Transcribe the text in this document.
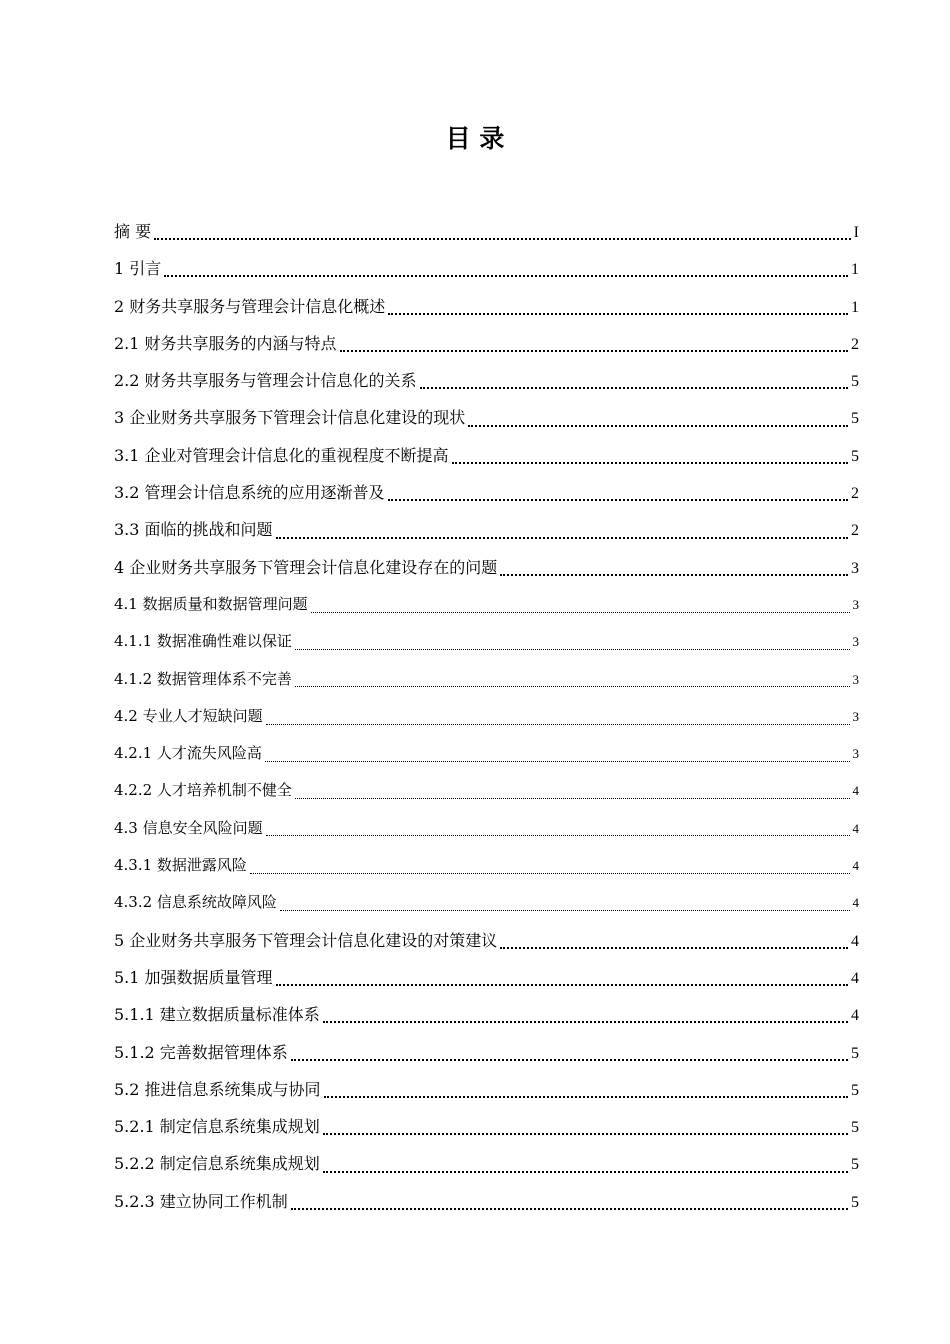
目 录
摘 要	I
1 引言	1
2 财务共享服务与管理会计信息化概述	1
2.1 财务共享服务的内涵与特点	2
2.2 财务共享服务与管理会计信息化的关系	5
3 企业财务共享服务下管理会计信息化建设的现状	5
3.1 企业对管理会计信息化的重视程度不断提高	5
3.2 管理会计信息系统的应用逐渐普及	2
3.3 面临的挑战和问题	2
4 企业财务共享服务下管理会计信息化建设存在的问题	3
4.1 数据质量和数据管理问题	3
4.1.1 数据准确性难以保证	3
4.1.2 数据管理体系不完善	3
4.2 专业人才短缺问题	3
4.2.1 人才流失风险高	3
4.2.2 人才培养机制不健全	4
4.3 信息安全风险问题	4
4.3.1 数据泄露风险	4
4.3.2 信息系统故障风险	4
5 企业财务共享服务下管理会计信息化建设的对策建议	4
5.1 加强数据质量管理	4
5.1.1 建立数据质量标准体系	4
5.1.2 完善数据管理体系	5
5.2 推进信息系统集成与协同	5
5.2.1 制定信息系统集成规划	5
5.2.2 制定信息系统集成规划	5
5.2.3 建立协同工作机制	5
